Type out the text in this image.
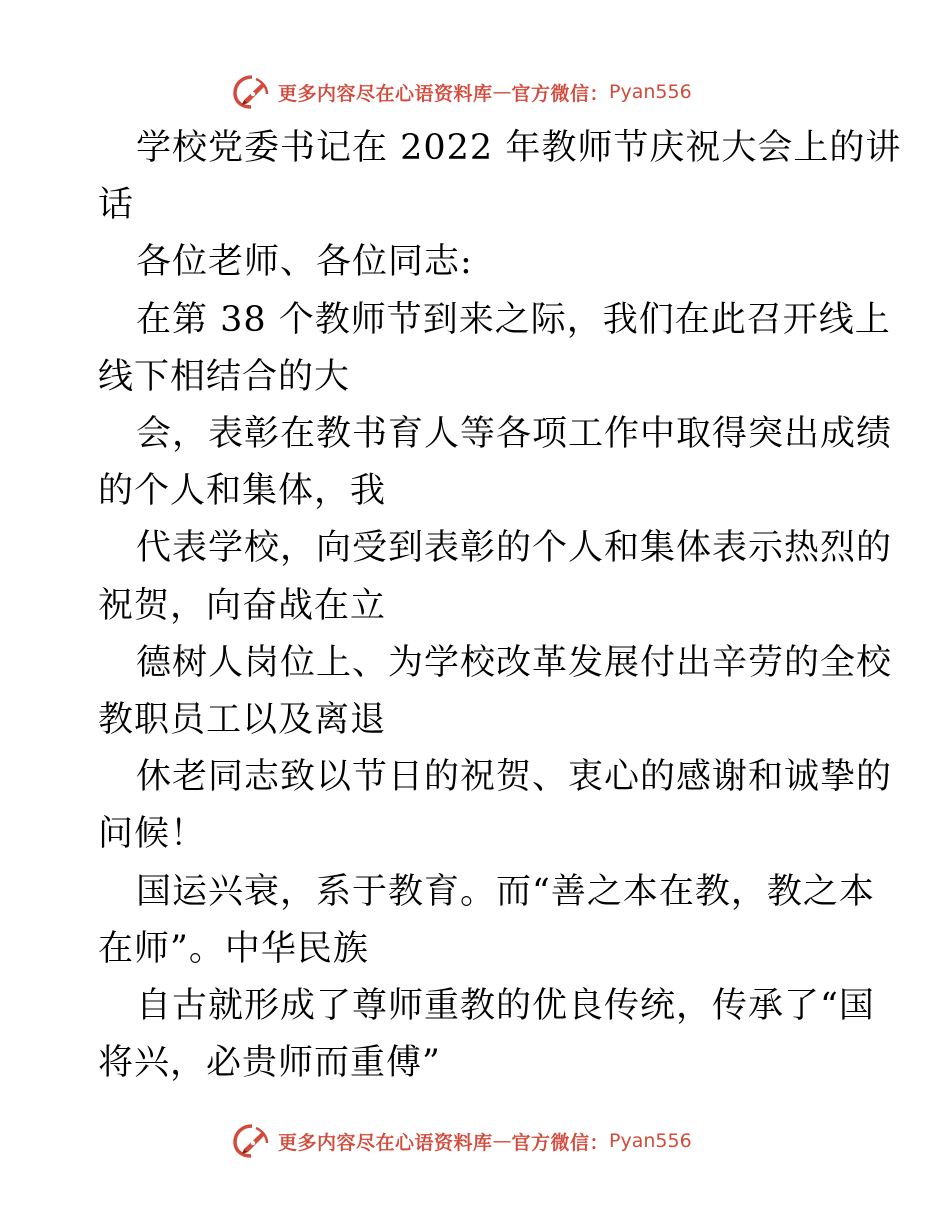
更多内容尽在心语资料库 — 官方微信： Pyan556
学校党委书记在 2022 年教师节庆祝大会上的讲
话
各位老师、各位同志:
在第 38 个教师节到来之际，我们在此召开线上
线下相结合的大
会，表彰在教书育人等各项工作中取得突出成绩
的个人和集体，我
代表学校，向受到表彰的个人和集体表示热烈的
祝贺，向奋战在立
德树人岗位上、为学校改革发展付出辛劳的全校
教职员工以及离退
休老同志致以节日的祝贺、衷心的感谢和诚挚的
问候！
国运兴衰，系于教育。而“善之本在教，教之本
在师”。中华民族
自古就形成了尊师重教的优良传统，传承了“国
将兴，必贵师而重傅”
更多内容尽在心语资料库 — 官方微信： Pyan556
